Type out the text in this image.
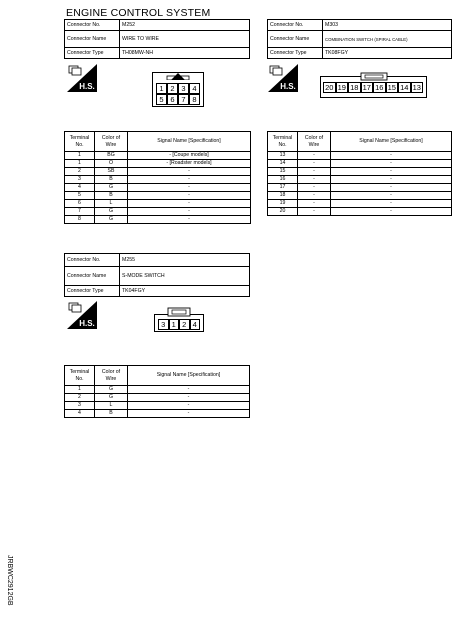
ENGINE CONTROL SYSTEM
Connector No.	M252
Connector Name	WIRE TO WIRE
Connector Type	TH08MW-NH
Connector No.	M303
Connector Name	COMBINATION SWITCH (SPIRAL CABLE)
Connector Type	TK08FGY
H.S.	H.S.
H.S.
1 2 3 4
5 6 7 8
20 19 18 17 16 15 14 13
3 1 2 4
Terminal No.	Color of Wire	Signal Name [Specification]
1	BG	- [Coupe models]
1	O	- [Roadster models]
2	SB	-
3	B	-
4	G	-
5	B	-
6	L	-
7	G	-
8	G	-
Terminal No.	Color of Wire	Signal Name [Specification]
13	-	-
14	-	-
15	-	-
16	-	-
17	-	-
18	-	-
19	-	-
20	-	-
Connector No.	M255
Connector Name	S-MODE SWITCH
Connector Type	TK04FGY
Terminal No.	Color of Wire	Signal Name [Specification]
1	G	-
2	G	-
3	L	-
4	B	-
JRBWC2912GB
